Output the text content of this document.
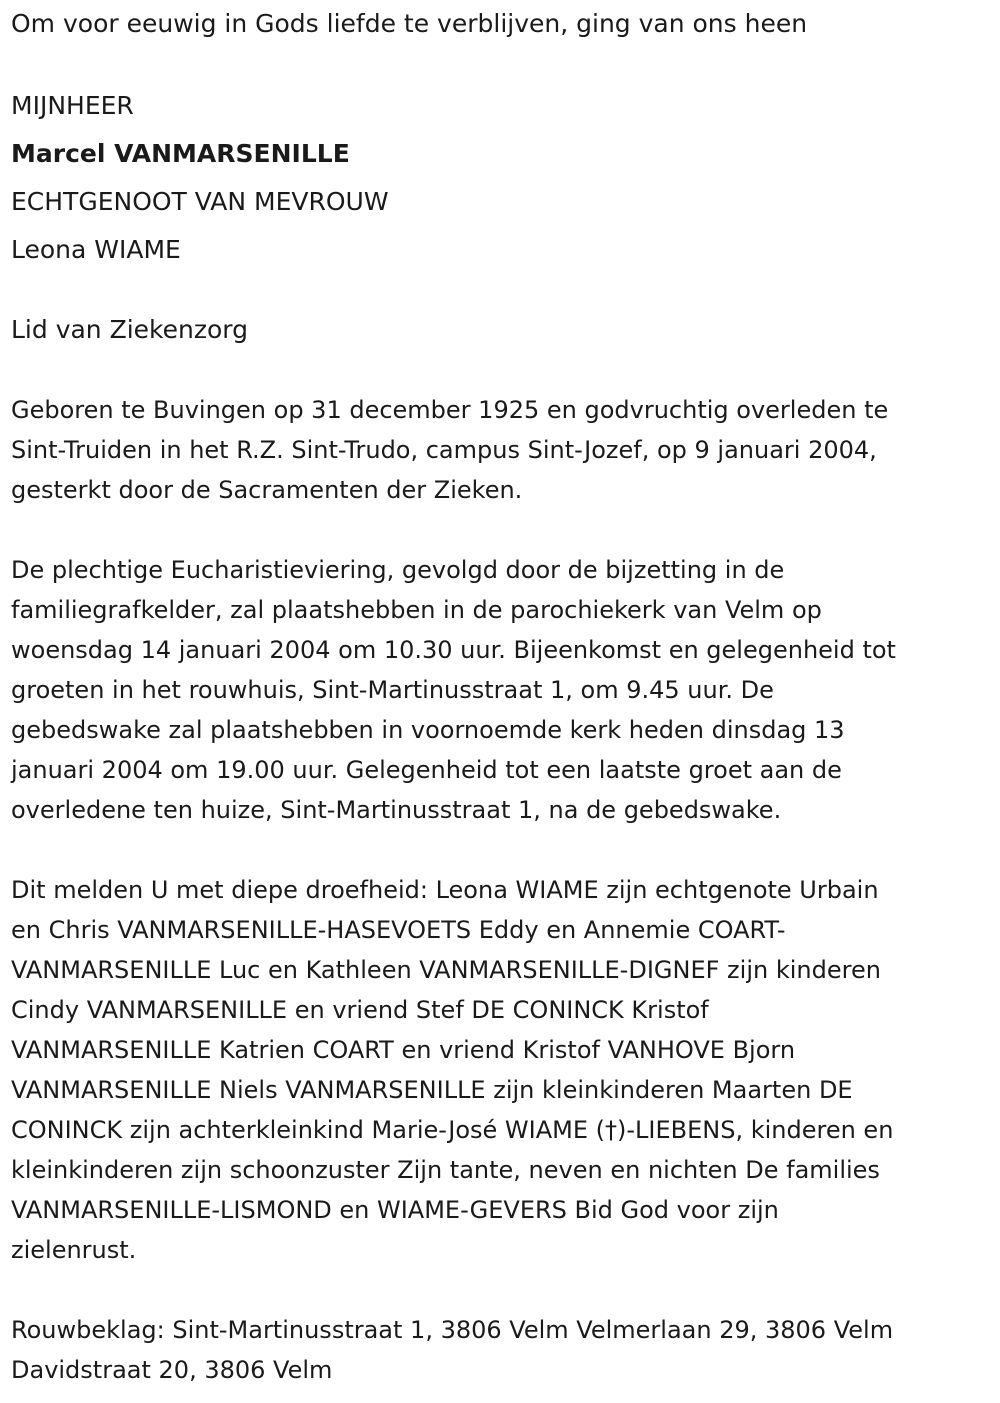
Om voor eeuwig in Gods liefde te verblijven, ging van ons heen

MIJNHEER

Marcel VANMARSENILLE

ECHTGENOOT VAN MEVROUW

Leona WIAME

Lid van Ziekenzorg

Geboren te Buvingen op 31 december 1925 en godvruchtig overleden te

Sint-Truiden in het R.Z. Sint-Trudo, campus Sint-Jozef, op 9 januari 2004,

gesterkt door de Sacramenten der Zieken.

De plechtige Eucharistieviering, gevolgd door de bijzetting in de

familiegrafkelder, zal plaatshebben in de parochiekerk van Velm op

woensdag 14 januari 2004 om 10.30 uur. Bijeenkomst en gelegenheid tot

groeten in het rouwhuis, Sint-Martinusstraat 1, om 9.45 uur. De

gebedswake zal plaatshebben in voornoemde kerk heden dinsdag 13

januari 2004 om 19.00 uur. Gelegenheid tot een laatste groet aan de

overledene ten huize, Sint-Martinusstraat 1, na de gebedswake.

Dit melden U met diepe droefheid: Leona WIAME zijn echtgenote Urbain

en Chris VANMARSENILLE-HASEVOETS Eddy en Annemie COART-

VANMARSENILLE Luc en Kathleen VANMARSENILLE-DIGNEF zijn kinderen

Cindy VANMARSENILLE en vriend Stef DE CONINCK Kristof

VANMARSENILLE Katrien COART en vriend Kristof VANHOVE Bjorn

VANMARSENILLE Niels VANMARSENILLE zijn kleinkinderen Maarten DE

CONINCK zijn achterkleinkind Marie-José WIAME (†)-LIEBENS, kinderen en

kleinkinderen zijn schoonzuster Zijn tante, neven en nichten De families

VANMARSENILLE-LISMOND en WIAME-GEVERS Bid God voor zijn

zielenrust.

Rouwbeklag: Sint-Martinusstraat 1, 3806 Velm Velmerlaan 29, 3806 Velm

Davidstraat 20, 3806 Velm
